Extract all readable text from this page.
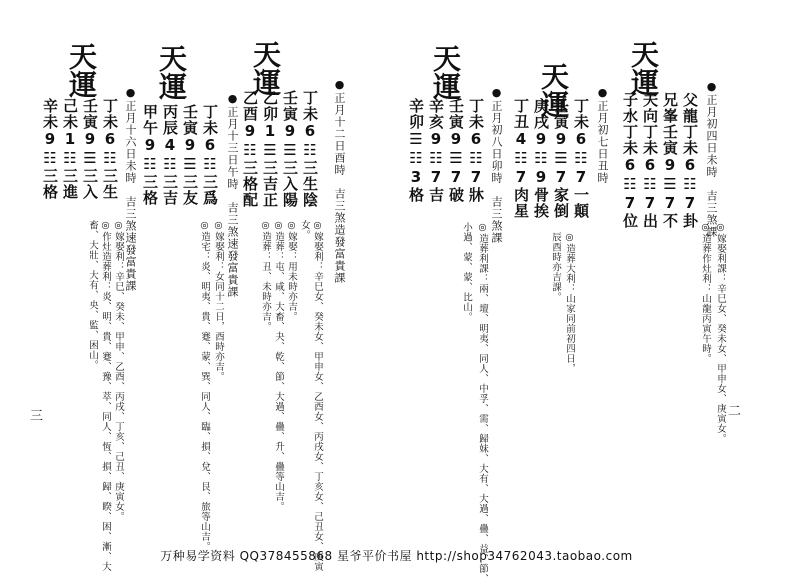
天運
●正月初四日未時　吉三煞課
父龍丁未6☷7卦
兄峯壬寅9☰7不
夫向丁未6☷7出
子水丁未6☷7位
◎嫁娶利課：辛巳女、癸未女、甲申女、庚寅女。
◎造葬作灶利：山龍丙寅午時。
天運 ●正月初七日丑時
丁未6☷7一顛
壬寅9☰7家倒
庚戌9☷9骨挨
丁丑4☷7肉星
◎造葬大利：山家同前初四日，
辰酉時亦吉課。
天運
●正月初八日卯時　吉三煞課
丁未6☷7牀
壬寅9☰7破
辛亥9☷7吉
辛卯☰☷3格
◎造葬利課：兩、壇、明夷、同人、中孚、需、歸妹、大有、大過、蠱、益、節、
小過、蒙、蒙、比山。
二
天運
●正月十二日酉時　吉三煞造發富貴課
丁未6☷三生陰
壬寅9☰三入陽
乙卯1☰三吉正
乙酉9☷三格配
◎嫁娶利：辛巳女、癸未女、甲申女、乙酉女、丙戌女、丁亥女、己丑女、庚寅
女。
◎嫁娶：用未時亦吉。
◎造葬：屯、咸、大畜、夬、乾、節、大過、蠱、升、蠱等山吉。
◎造葬：丑、未時亦吉。
天運
●正月十三日午時　吉三煞速發富貴課
丁未6☷三爲
壬寅9☰三友
丙辰4☷三吉
甲午9☷三格
◎嫁娶利：女同十二日，酉時亦吉。
◎造宅：炎、明夷、貴、蹇、蒙、巽、同人、臨、損、兌、艮、旅等山吉。
天運
●正月十六日未時　吉三煞速發富貴課
丁未6☷三生
壬寅9☰三入
己未1☷三進
辛未9☷三格
◎嫁娶利：辛巳、癸未、甲申、乙酉、丙戌、丁亥、己丑、庚寅女。
◎作灶造葬利：炎、明、貴、蹇、豫、萃、同人、恆、損、歸、睽、困、漸、大
畜、大壯、大有、央、監、困山。
三
万种易学资料 QQ378455868 星爷平价书屋 http://shop34762043.taobao.com
